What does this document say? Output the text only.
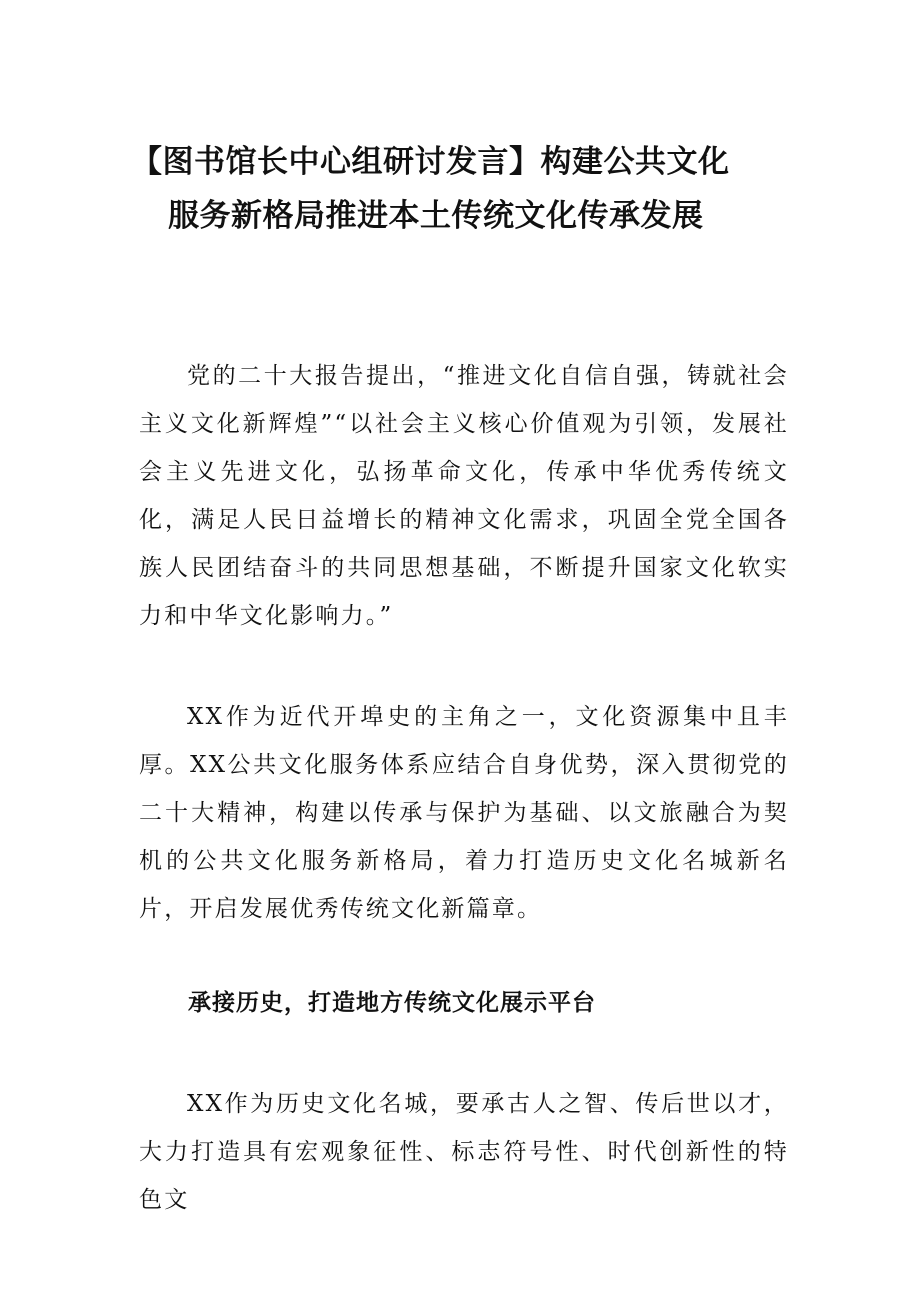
【图书馆长中心组研讨发言】构建公共文化
服务新格局推进本土传统文化传承发展

党的二十大报告提出，“推进文化自信自强，铸就社会主义文化新辉煌”“以社会主义核心价值观为引领，发展社会主义先进文化，弘扬革命文化，传承中华优秀传统文化，满足人民日益增长的精神文化需求，巩固全党全国各族人民团结奋斗的共同思想基础，不断提升国家文化软实力和中华文化影响力。”

XX作为近代开埠史的主角之一，文化资源集中且丰厚。XX公共文化服务体系应结合自身优势，深入贯彻党的二十大精神，构建以传承与保护为基础、以文旅融合为契机的公共文化服务新格局，着力打造历史文化名城新名片，开启发展优秀传统文化新篇章。

承接历史，打造地方传统文化展示平台

XX作为历史文化名城，要承古人之智、传后世以才，大力打造具有宏观象征性、标志符号性、时代创新性的特色文
